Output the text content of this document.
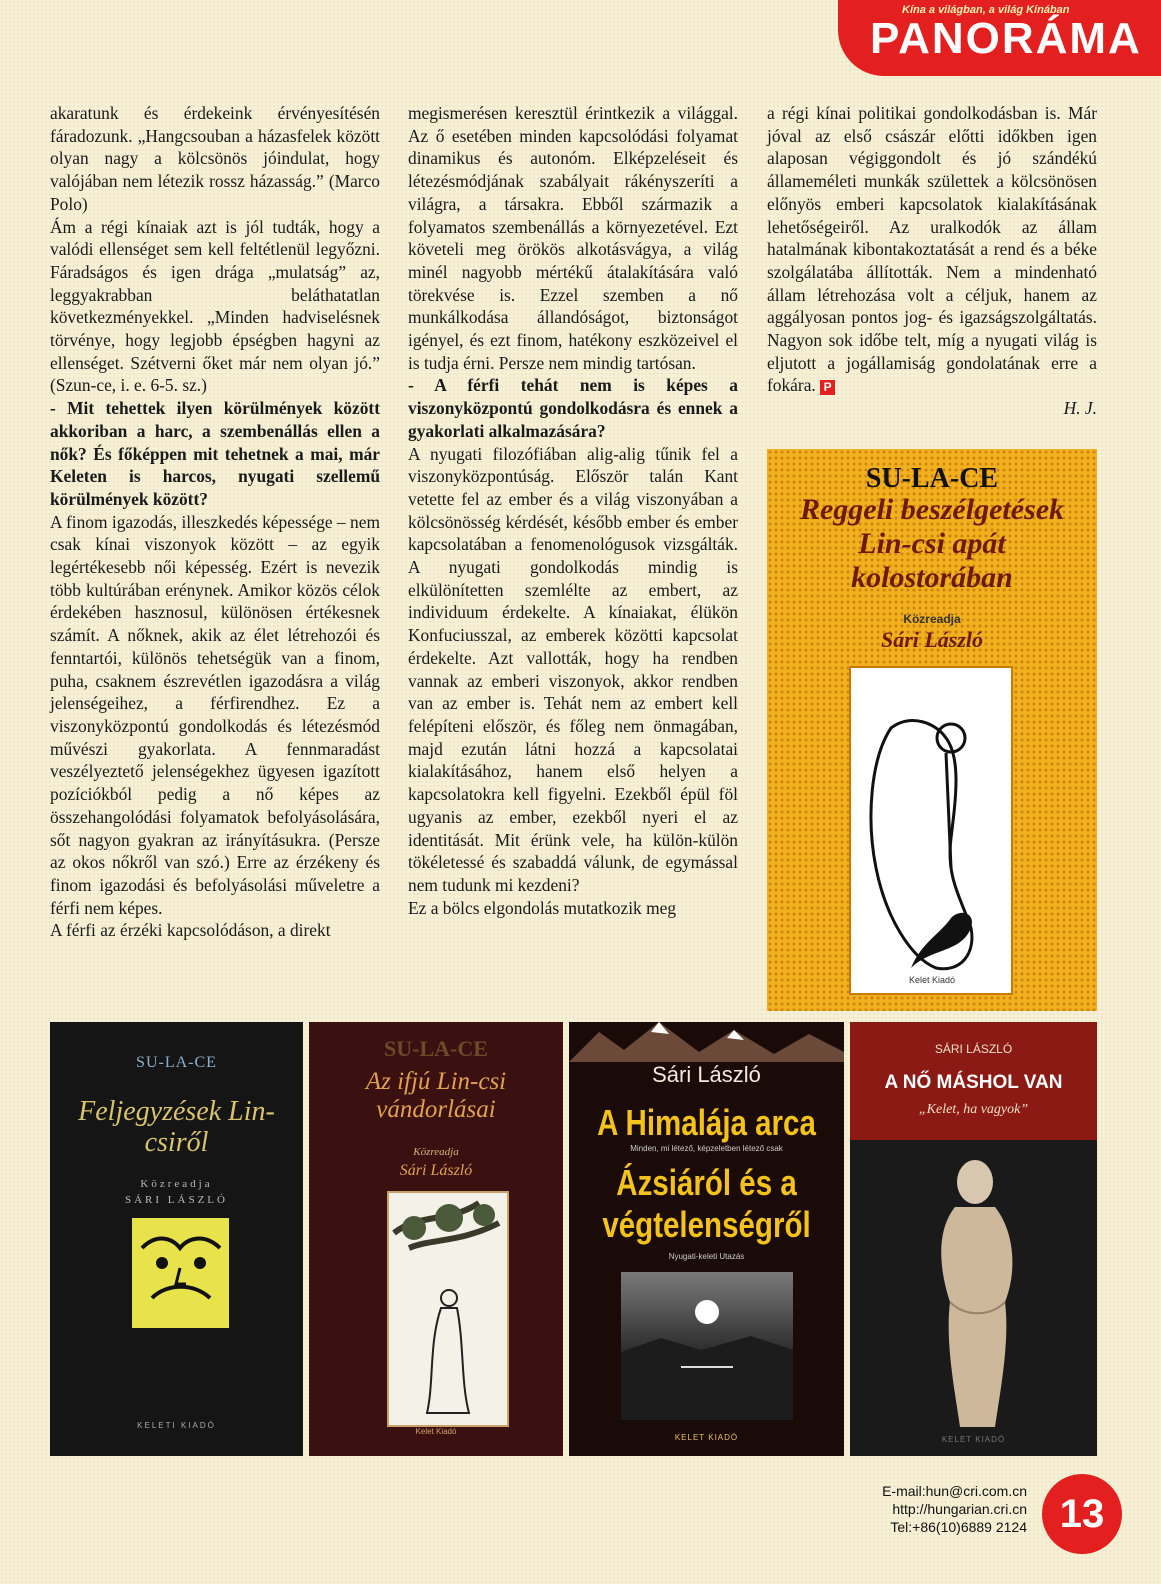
Kína a világban, a világ Kínában
PANORÁMA

akaratunk és érdekeink érvényesítésén fáradozunk. „Hangcsouban a házasfelek között olyan nagy a kölcsönös jóindulat, hogy valójában nem létezik rossz házasság.” (Marco Polo)

Ám a régi kínaiak azt is jól tudták, hogy a valódi ellenséget sem kell feltétlenül legyőzni. Fáradságos és igen drága „mulatság” az, leggyakrabban beláthatatlan következményekkel. „Minden hadviselésnek törvénye, hogy legjobb épségben hagyni az ellenséget. Szétverni őket már nem olyan jó.” (Szun-ce, i. e. 6-5. sz.)

- Mit tehettek ilyen körülmények között akkoriban a harc, a szembenállás ellen a nők? És főképpen mit tehetnek a mai, már Keleten is harcos, nyugati szellemű körülmények között?

A finom igazodás, illeszkedés képessége – nem csak kínai viszonyok között – az egyik legértékesebb női képesség. Ezért is nevezik több kultúrában erénynek. Amikor közös célok érdekében hasznosul, különösen értékesnek számít. A nőknek, akik az élet létrehozói és fenntartói, különös tehetségük van a finom, puha, csaknem észrevétlen igazodásra a világ jelenségeihez, a férfirendhez. Ez a viszonyközpontú gondolkodás és létezésmód művészi gyakorlata. A fennmaradást veszélyeztető jelenségekhez ügyesen igazított pozíciókból pedig a nő képes az összehangolódási folyamatok befolyásolására, sőt nagyon gyakran az irányításukra. (Persze az okos nőkről van szó.) Erre az érzékeny és finom igazodási és befolyásolási műveletre a férfi nem képes.

A férfi az érzéki kapcsolódáson, a direkt

megismerésen keresztül érintkezik a világgal. Az ő esetében minden kapcsolódási folyamat dinamikus és autonóm. Elképzeléseit és létezésmódjának szabályait rákényszeríti a világra, a társakra. Ebből származik a folyamatos szembenállás a környezetével. Ezt követeli meg örökös alkotásvágya, a világ minél nagyobb mértékű átalakítására való törekvése is. Ezzel szemben a nő munkálkodása állandóságot, biztonságot igényel, és ezt finom, hatékony eszközeivel el is tudja érni. Persze nem mindig tartósan.

- A férfi tehát nem is képes a viszonyközpontú gondolkodásra és ennek a gyakorlati alkalmazására?

A nyugati filozófiában alig-alig tűnik fel a viszonyközpontúság. Először talán Kant vetette fel az ember és a világ viszonyában a kölcsönösség kérdését, később ember és ember kapcsolatában a fenomenológusok vizsgálták. A nyugati gondolkodás mindig is elkülönítetten szemlélte az embert, az individuum érdekelte. A kínaiakat, élükön Konfuciusszal, az emberek közötti kapcsolat érdekelte. Azt vallották, hogy ha rendben vannak az emberi viszonyok, akkor rendben van az ember is. Tehát nem az embert kell felépíteni először, és főleg nem önmagában, majd ezután látni hozzá a kapcsolatai kialakításához, hanem első helyen a kapcsolatokra kell figyelni. Ezekből épül föl ugyanis az ember, ezekből nyeri el az identitását. Mit érünk vele, ha külön-külön tökéletessé és szabaddá válunk, de egymással nem tudunk mi kezdeni?

Ez a bölcs elgondolás mutatkozik meg

a régi kínai politikai gondolkodásban is. Már jóval az első császár előtti időkben igen alaposan végiggondolt és jó szándékú állameméleti munkák születtek a kölcsönösen előnyös emberi kapcsolatok kialakításának lehetőségeiről. Az uralkodók az állam hatalmának kibontakoztatását a rend és a béke szolgálatába állították. Nem a mindenható állam létrehozása volt a céljuk, hanem az aggályosan pontos jog- és igazságszolgáltatás. Nagyon sok időbe telt, míg a nyugati világ is eljutott a jogállamiság gondolatának erre a fokára. P

H. J.

SU-LA-CE
Reggeli beszélgetések Lin-csi apát kolostorában
Közreadja
Sári László
Kelet Kiadó
SU-LA-CE
Feljegyzések Lin-csiről
Közreadja
SÁRI LÁSZLÓ
KELETI KIADÓ
SU-LA-CE
Az ifjú Lin-csi vándorlásai
Közreadja
Sári László
Kelet Kiadó
Sári László
A Himalája arca
Minden, mi létező, képzeletben létező csak
Ázsiáról és a végtelenségről
Nyugati-keleti Utazás
KELET KIADÓ
SÁRI LÁSZLÓ
A NŐ MÁSHOL VAN
„Kelet, ha vagyok”
KELET KIADÓ
E-mail:hun@cri.com.cn
http://hungarian.cri.cn
Tel:+86(10)6889 2124 13
